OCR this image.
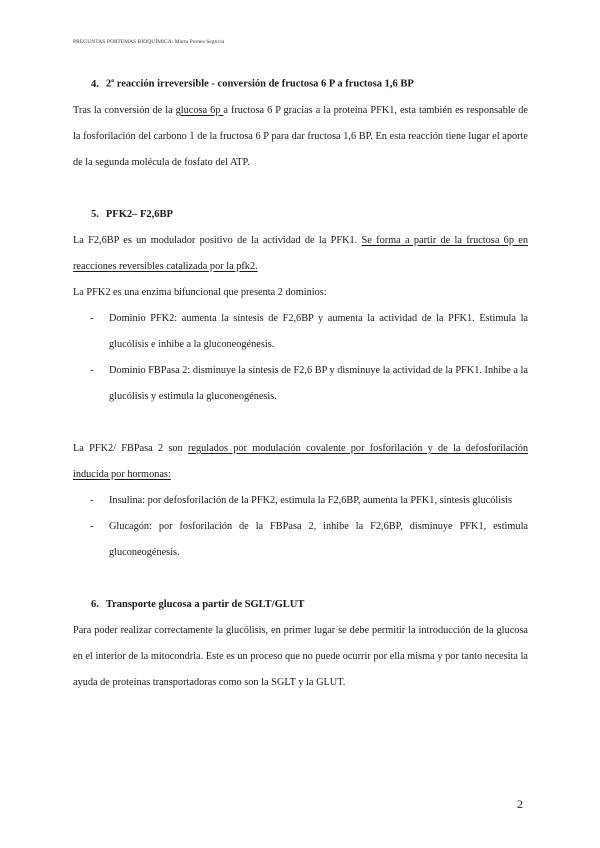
PREGUNTAS PORTEMAS BIOQUÍMICA: Marta Pornes Segovia
4. 2$^a$ reacción irreversible - conversión de fructosa 6 P a fructosa 1,6 BP

Tras la conversión de la glucosa 6p a fructosa 6 P gracias a la proteína PFK1, esta también es responsable de la fosforilación del carbono 1 de la fructosa 6 P para dar fructosa 1,6 BP. En esta reacción tiene lugar el aporte de la segunda molécula de fosfato del ATP.

5. PFK2– F2,6BP

La F2,6BP es un modulador positivo de la actividad de la PFK1. Se forma a partir de la fructosa 6p en reacciones reversibles catalizada por la pfk2.

La PFK2 es una enzima bifuncional que presenta 2 dominios:

- Dominio PFK2: aumenta la síntesis de F2,6BP y aumenta la actividad de la PFK1. Estimula la glucólisis e inhibe a la gluconeogénesis.
- Dominio FBPasa 2: disminuye la síntesis de F2,6 BP y disminuye la actividad de la PFK1. Inhibe a la glucólisis y estimula la gluconeogénesis.

La PFK2/ FBPasa 2 son regulados por modulación covalente por fosforilación y de la defosforilación inducida por hormonas:

- Insulina: por defosforilación de la PFK2, estimula la F2,6BP, aumenta la PFK1, síntesis glucólisis
- Glucagón: por fosforilación de la FBPasa 2, inhibe la F2,6BP, disminuye PFK1, estimula gluconeogénesis.
6. Transporte glucosa a partir de SGLT/GLUT

Para poder realizar correctamente la glucólisis, en primer lugar se debe permitir la introducción de la glucosa en el interior de la mitocondria. Este es un proceso que no puede ocurrir por ella misma y por tanto necesita la ayuda de proteínas transportadoras como son la SGLT y la GLUT.

2
